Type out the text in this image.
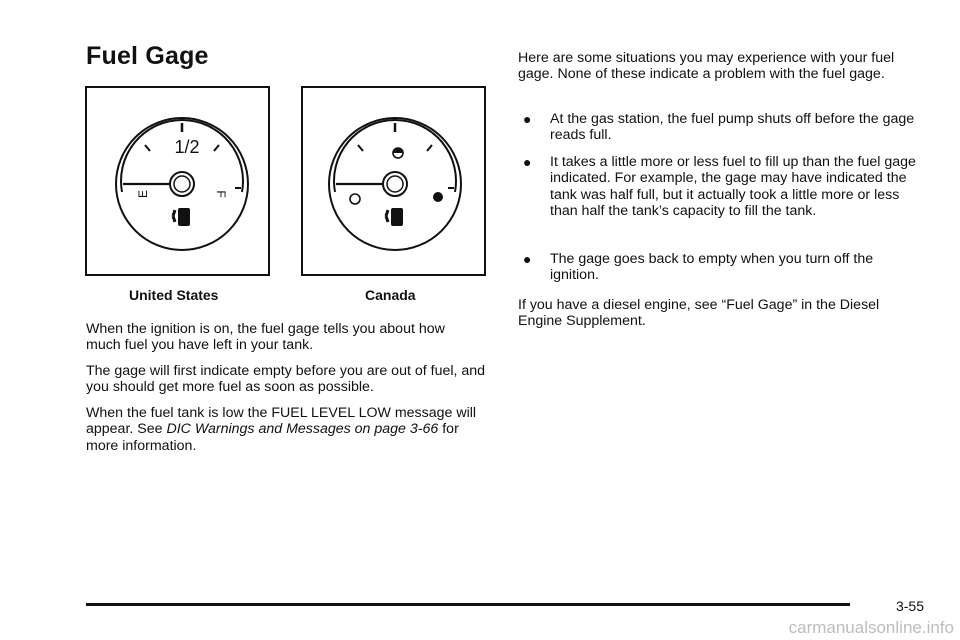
Fuel Gage
1/2
E	F
United States	Canada

When the ignition is on, the fuel gage tells you about how much fuel you have left in your tank.

The gage will first indicate empty before you are out of fuel, and you should get more fuel as soon as possible.

When the fuel tank is low the FUEL LEVEL LOW message will appear. See DIC Warnings and Messages on page 3-66 for more information.

Here are some situations you may experience with your fuel gage. None of these indicate a problem with the fuel gage.

●	At the gas station, the fuel pump shuts off before the gage reads full.
●	It takes a little more or less fuel to fill up than the fuel gage indicated. For example, the gage may have indicated the tank was half full, but it actually took a little more or less than half the tank’s capacity to fill the tank.
●	The gage goes back to empty when you turn off the ignition.

If you have a diesel engine, see “Fuel Gage” in the Diesel Engine Supplement.

3-55
carmanualsonline.info
